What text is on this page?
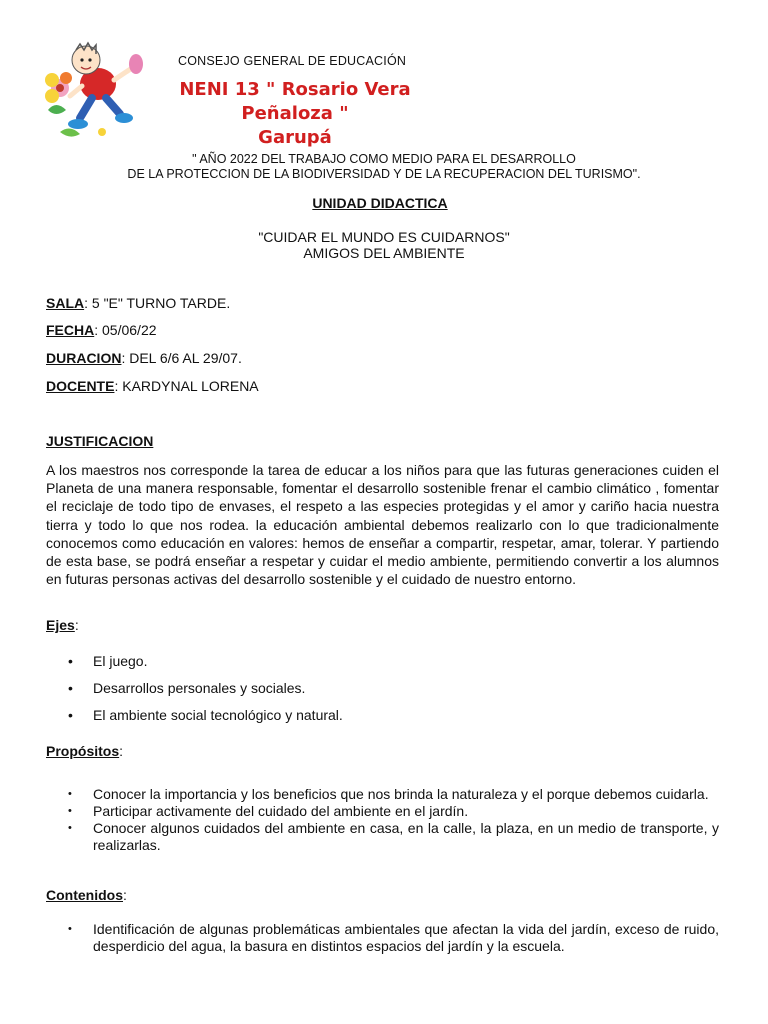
CONSEJO GENERAL DE EDUCACIÓN
NENI 13 " Rosario Vera Peñaloza "
Garupá
" AÑO 2022 DEL TRABAJO COMO MEDIO PARA EL DESARROLLO
DE LA PROTECCION DE LA BIODIVERSIDAD Y DE LA RECUPERACION DEL TURISMO".
UNIDAD DIDACTICA
"CUIDAR EL MUNDO ES CUIDARNOS"
AMIGOS DEL AMBIENTE
SALA: 5 "E" TURNO TARDE.
FECHA: 05/06/22
DURACION: DEL 6/6 AL 29/07.
DOCENTE: KARDYNAL LORENA
JUSTIFICACION
A los maestros nos corresponde la tarea de educar a los niños para que las futuras generaciones cuiden el Planeta de una manera responsable, fomentar el desarrollo sostenible frenar el cambio climático , fomentar el reciclaje de todo tipo de envases, el respeto a las especies protegidas y el amor y cariño hacia nuestra tierra y todo lo que nos rodea. la educación ambiental debemos realizarlo con lo que tradicionalmente conocemos como educación en valores: hemos de enseñar a compartir, respetar, amar, tolerar. Y partiendo de esta base, se podrá enseñar a respetar y cuidar el medio ambiente, permitiendo convertir a los alumnos en futuras personas activas del desarrollo sostenible y el cuidado de nuestro entorno.
Ejes:
• El juego.
• Desarrollos personales y sociales.
• El ambiente social tecnológico y natural.
Propósitos:
• Conocer la importancia y los beneficios que nos brinda la naturaleza y el porque debemos cuidarla.
• Participar activamente del cuidado del ambiente en el jardín.
• Conocer algunos cuidados del ambiente en casa, en la calle, la plaza, en un medio de transporte, y realizarlas.
Contenidos:
• Identificación de algunas problemáticas ambientales que afectan la vida del jardín, exceso de ruido, desperdicio del agua, la basura en distintos espacios del jardín y la escuela.
